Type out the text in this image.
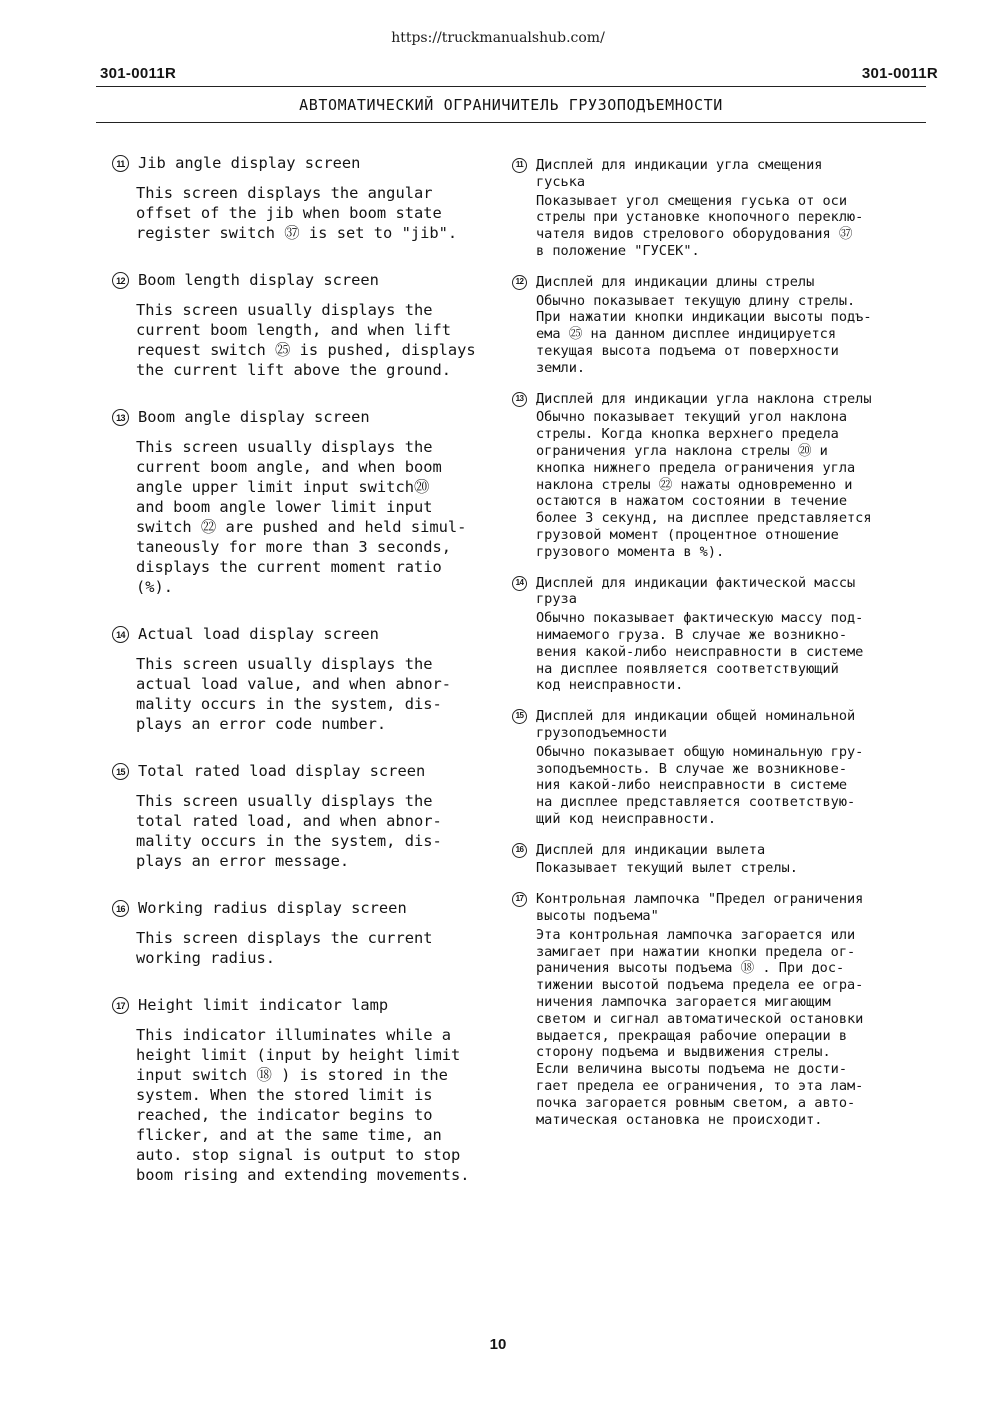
https://truckmanualshub.com/
301-0011R	301-0011R
АВТОМАТИЧЕСКИЙ ОГРАНИЧИТЕЛЬ ГРУЗОПОДЪЕМНОСТИ
11 Jib angle display screen
This screen displays the angular
offset of the jib when boom state
register switch ㊲ is set to "jib".
12 Boom length display screen
This screen usually displays the
current boom length, and when lift
request switch ㉕ is pushed, displays
the current lift above the ground.
13 Boom angle display screen
This screen usually displays the
current boom angle, and when boom
angle upper limit input switch⑳
and boom angle lower limit input
switch ㉒ are pushed and held simul-
taneously for more than 3 seconds,
displays the current moment ratio
(%).
14 Actual load display screen
This screen usually displays the
actual load value, and when abnor-
mality occurs in the system, dis-
plays an error code number.
15 Total rated load display screen
This screen usually displays the
total rated load, and when abnor-
mality occurs in the system, dis-
plays an error message.
16 Working radius display screen
This screen displays the current
working radius.
17 Height limit indicator lamp
This indicator illuminates while a
height limit (input by height limit
input switch ⑱ ) is stored in the
system. When the stored limit is
reached, the indicator begins to
flicker, and at the same time, an
auto. stop signal is output to stop
boom rising and extending movements.
11 Дисплей для индикации угла смещения
гуська
Показывает угол смещения гуська от оси
стрелы при установке кнопочного переклю-
чателя видов стрелового оборудования ㊲
в положение "ГУСЕК".
12 Дисплей для индикации длины стрелы
Обычно показывает текущую длину стрелы.
При нажатии кнопки индикации высоты подъ-
ема ㉕ на данном дисплее индицируется
текущая высота подъема от поверхности
земли.
13 Дисплей для индикации угла наклона стрелы
Обычно показывает текущий угол наклона
стрелы. Когда кнопка верхнего предела
ограничения угла наклона стрелы ⑳ и
кнопка нижнего предела ограничения угла
наклона стрелы ㉒ нажаты одновременно и
остаются в нажатом состоянии в течение
более 3 секунд, на дисплее представляется
грузовой момент (процентное отношение
грузового момента в %).
14 Дисплей для индикации фактической массы
груза
Обычно показывает фактическую массу под-
нимаемого груза. В случае же возникно-
вения какой-либо неисправности в системе
на дисплее появляется соответствующий
код неисправности.
15 Дисплей для индикации общей номинальной
грузоподъемности
Обычно показывает общую номинальную гру-
зоподъемность. В случае же возникнове-
ния какой-либо неисправности в системе
на дисплее представляется соответствую-
щий код неисправности.
16 Дисплей для индикации вылета
Показывает текущий вылет стрелы.
17 Контрольная лампочка "Предел ограничения
высоты подъема"
Эта контрольная лампочка загорается или
замигает при нажатии кнопки предела ог-
раничения высоты подъема ⑱ . При дос-
тижении высотой подъема предела ее огра-
ничения лампочка загорается мигающим
светом и сигнал автоматической остановки
выдается, прекращая рабочие операции в
сторону подъема и выдвижения стрелы.
Если величина высоты подъема не дости-
гает предела ее ограничения, то эта лам-
почка загорается ровным светом, а авто-
матическая остановка не происходит.
10
